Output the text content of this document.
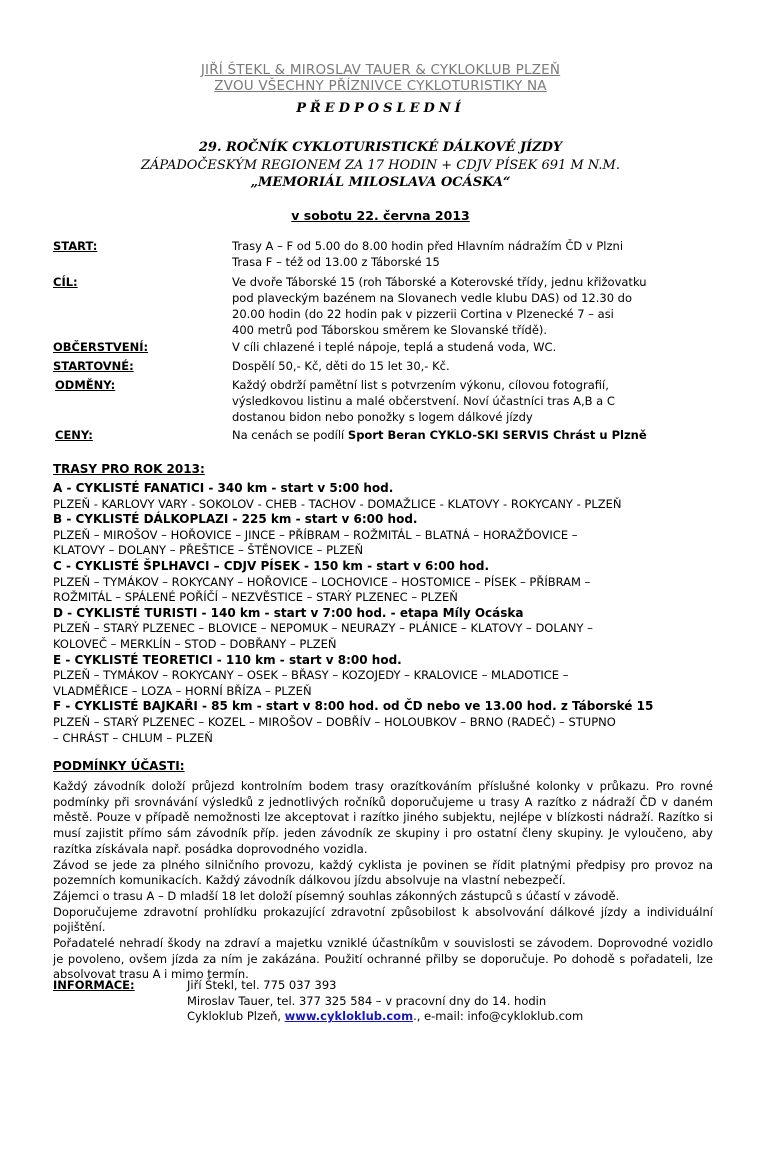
JIŘÍ ŠTEKL & MIROSLAV TAUER & CYKLOKLUB PLZEŇ
ZVOU VŠECHNY PŘÍZNIVCE CYKLOTURISTIKY NA
PŘEDPOSLEDNÍ
29. ROČNÍK CYKLOTURISTICKÉ DÁLKOVÉ JÍZDY
ZÁPADOČESKÝM REGIONEM ZA 17 HODIN + CDJV PÍSEK 691 M N.M.
„MEMORIÁL MILOSLAVA OCÁSKA“
v sobotu 22. června 2013
START:	Trasy A – F od 5.00 do 8.00 hodin před Hlavním nádražím ČD v Plzni
Trasa F – též od 13.00 z Táborské 15
CÍL:	Ve dvoře Táborské 15 (roh Táborské a Koterovské třídy, jednu křižovatku
pod plaveckým bazénem na Slovanech vedle klubu DAS) od 12.30 do
20.00 hodin (do 22 hodin pak v pizzerii Cortina v Plzenecké 7 – asi
400 metrů pod Táborskou směrem ke Slovanské třídě).
OBČERSTVENÍ:	V cíli chlazené i teplé nápoje, teplá a studená voda, WC.
STARTOVNÉ:	Dospělí 50,- Kč, děti do 15 let 30,- Kč.
ODMĚNY:	Každý obdrží pamětní list s potvrzením výkonu, cílovou fotografií,
výsledkovou listinu a malé občerstvení. Noví účastníci tras A,B a C
dostanou bidon nebo ponožky s logem dálkové jízdy
CENY:	Na cenách se podílí Sport Beran CYKLO-SKI SERVIS Chrást u Plzně
TRASY PRO ROK 2013:
A - CYKLISTÉ FANATICI - 340 km - start v 5:00 hod.
PLZEŇ - KARLOVY VARY - SOKOLOV - CHEB - TACHOV - DOMAŽLICE - KLATOVY - ROKYCANY - PLZEŇ
B - CYKLISTÉ DÁLKOPLAZI - 225 km - start v 6:00 hod.
PLZEŇ – MIROŠOV – HOŘOVICE – JINCE – PŘÍBRAM – ROŽMITÁL – BLATNÁ – HORAŽĎOVICE –
KLATOVY – DOLANY – PŘEŠTICE – ŠTĚNOVICE – PLZEŇ
C - CYKLISTÉ ŠPLHAVCI – CDJV PÍSEK - 150 km - start v 6:00 hod.
PLZEŇ – TYMÁKOV – ROKYCANY – HOŘOVICE – LOCHOVICE – HOSTOMICE – PÍSEK – PŘÍBRAM –
ROŽMITÁL – SPÁLENÉ POŘÍČÍ – NEZVĚSTICE – STARÝ PLZENEC – PLZEŇ
D - CYKLISTÉ TURISTI - 140 km - start v 7:00 hod. - etapa Míly Ocáska
PLZEŇ – STARÝ PLZENEC – BLOVICE – NEPOMUK – NEURAZY – PLÁNICE – KLATOVY – DOLANY –
KOLOVEČ – MERKLÍN – STOD – DOBŘANY – PLZEŇ
E - CYKLISTÉ TEORETICI - 110 km - start v 8:00 hod.
PLZEŇ – TYMÁKOV – ROKYCANY – OSEK – BŘASY – KOZOJEDY – KRALOVICE – MLADOTICE –
VLADMĚŘICE – LOZA – HORNÍ BŘÍZA – PLZEŇ
F - CYKLISTÉ BAJKAŘI - 85 km - start v 8:00 hod. od ČD nebo ve 13.00 hod. z Táborské 15
PLZEŇ – STARÝ PLZENEC – KOZEL – MIROŠOV – DOBŘÍV – HOLOUBKOV – BRNO (RADEČ) – STUPNO
– CHRÁST – CHLUM – PLZEŇ
PODMÍNKY ÚČASTI:
Každý závodník doloží průjezd kontrolním bodem trasy orazítkováním příslušné kolonky v průkazu. Pro rovné podmínky při srovnávání výsledků z jednotlivých ročníků doporučujeme u trasy A razítko z nádraží ČD v daném městě. Pouze v případě nemožnosti lze akceptovat i razítko jiného subjektu, nejlépe v blízkosti nádraží. Razítko si musí zajistit přímo sám závodník příp. jeden závodník ze skupiny i pro ostatní členy skupiny. Je vyloučeno, aby razítka získávala např. posádka doprovodného vozidla.
Závod se jede za plného silničního provozu, každý cyklista je povinen se řídit platnými předpisy pro provoz na pozemních komunikacích. Každý závodník dálkovou jízdu absolvuje na vlastní nebezpečí.
Zájemci o trasu A – D mladší 18 let doloží písemný souhlas zákonných zástupců s účastí v závodě.
Doporučujeme zdravotní prohlídku prokazující zdravotní způsobilost k absolvování dálkové jízdy a individuální pojištění.
Pořadatelé nehradí škody na zdraví a majetku vzniklé účastníkům v souvislosti se závodem. Doprovodné vozidlo je povoleno, ovšem jízda za ním je zakázána. Použití ochranné přilby se doporučuje. Po dohodě s pořadateli, lze absolvovat trasu A i mimo termín.
INFORMACE:	Jiří Štekl, tel. 775 037 393
Miroslav Tauer, tel. 377 325 584 – v pracovní dny do 14. hodin
Cykloklub Plzeň, www.cykloklub.com., e-mail: info@cykloklub.com
